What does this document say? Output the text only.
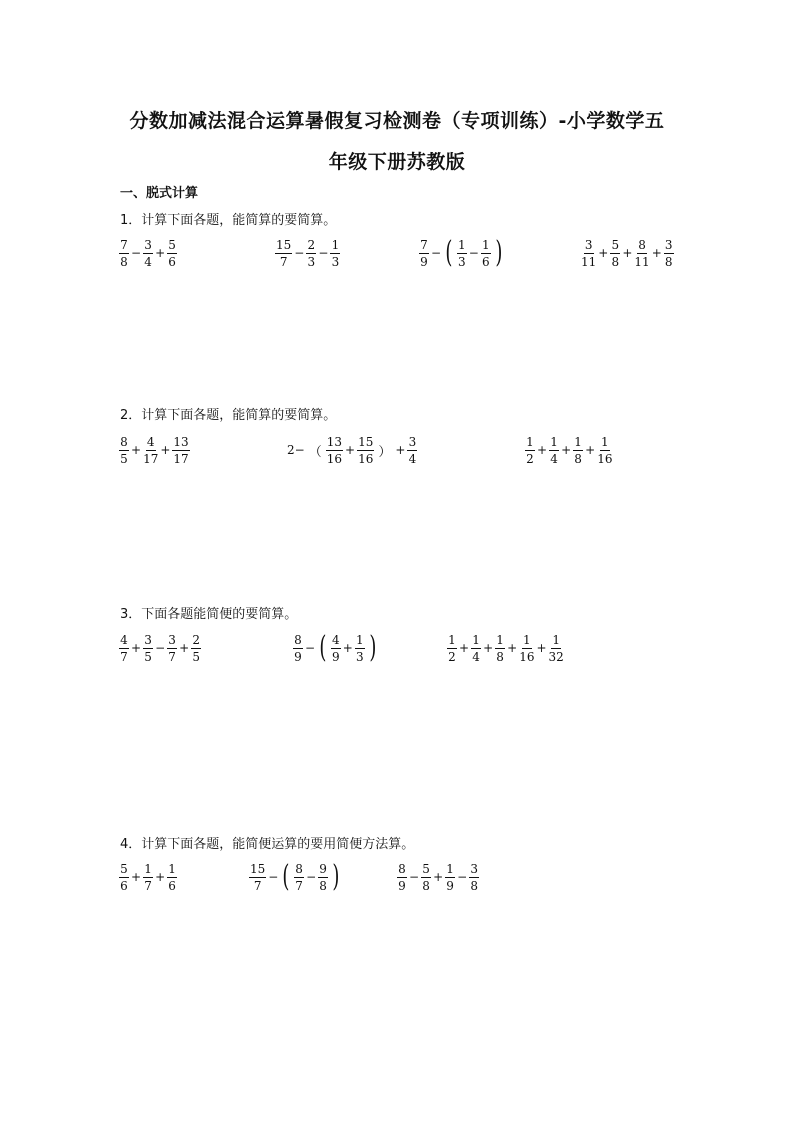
分数加减法混合运算暑假复习检测卷（专项训练）-小学数学五
年级下册苏教版
一、脱式计算
1．计算下面各题，能简算的要简算。
$\frac{7}{8} - \frac{3}{4} + \frac{5}{6}$	$\frac{15}{7} - \frac{2}{3} - \frac{1}{3}$	$\frac{7}{9}$ − ( $\frac{1}{3} - \frac{1}{6}$ )	$\frac{3}{11} + \frac{5}{8} + \frac{8}{11} + \frac{3}{8}$
2．计算下面各题，能简算的要简算。
$\frac{8}{5} + \frac{4}{17} + \frac{13}{17}$	2− （ $\frac{13}{16} + \frac{15}{16}$ ） + $\frac{3}{4}$	$\frac{1}{2} + \frac{1}{4} + \frac{1}{8} + \frac{1}{16}$
3．下面各题能简便的要简算。
$\frac{4}{7} + \frac{3}{5} - \frac{3}{7} + \frac{2}{5}$	$\frac{8}{9}$ − ( $\frac{4}{9} + \frac{1}{3}$ )	$\frac{1}{2} + \frac{1}{4} + \frac{1}{8} + \frac{1}{16} + \frac{1}{32}$
4．计算下面各题，能简便运算的要用简便方法算。
$\frac{5}{6} + \frac{1}{7} + \frac{1}{6}$	$\frac{15}{7}$ − ( $\frac{8}{7} - \frac{9}{8}$ )	$\frac{8}{9} - \frac{5}{8} + \frac{1}{9} - \frac{3}{8}$
